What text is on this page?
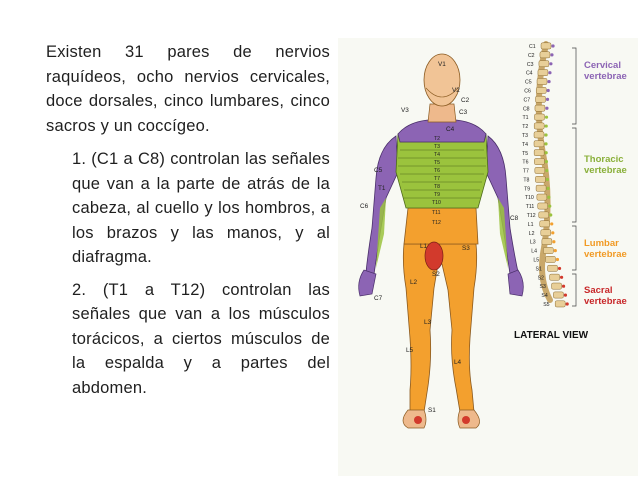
Existen 31 pares de nervios raquídeos, ocho nervios cervicales, doce dorsales, cinco lumbares, cinco sacros y un coccígeo.

1. (C1 a C8) controlan las señales que van a la parte de atrás de la cabeza, al cuello y los hombros, a los brazos y las manos, y al diafragma.

2. (T1 a T12) controlan las señales que van a los músculos torácicos, a ciertos músculos de la espalda y a partes del abdomen.

V1
V2
V3
C2
C3
C4
C5
C6
C7
C8
T1
T2
T3
T4
T5
T6
T7
T8
T9
T10
T11
T12
L1
L2
L3
L4
L5
S1
S2
S3
C1
C2
C3
C4
C5
C6
C7
C8
T1
T2
T3
T4
T5
T6
T7
T8
T9
T10
T11
T12
L1
L2
L3
L4
L5
S1
S2
S3
S4
S5
Cervical
vertebrae
Thoracic
vertebrae
Lumbar
vertebrae
Sacral
vertebrae
LATERAL VIEW
